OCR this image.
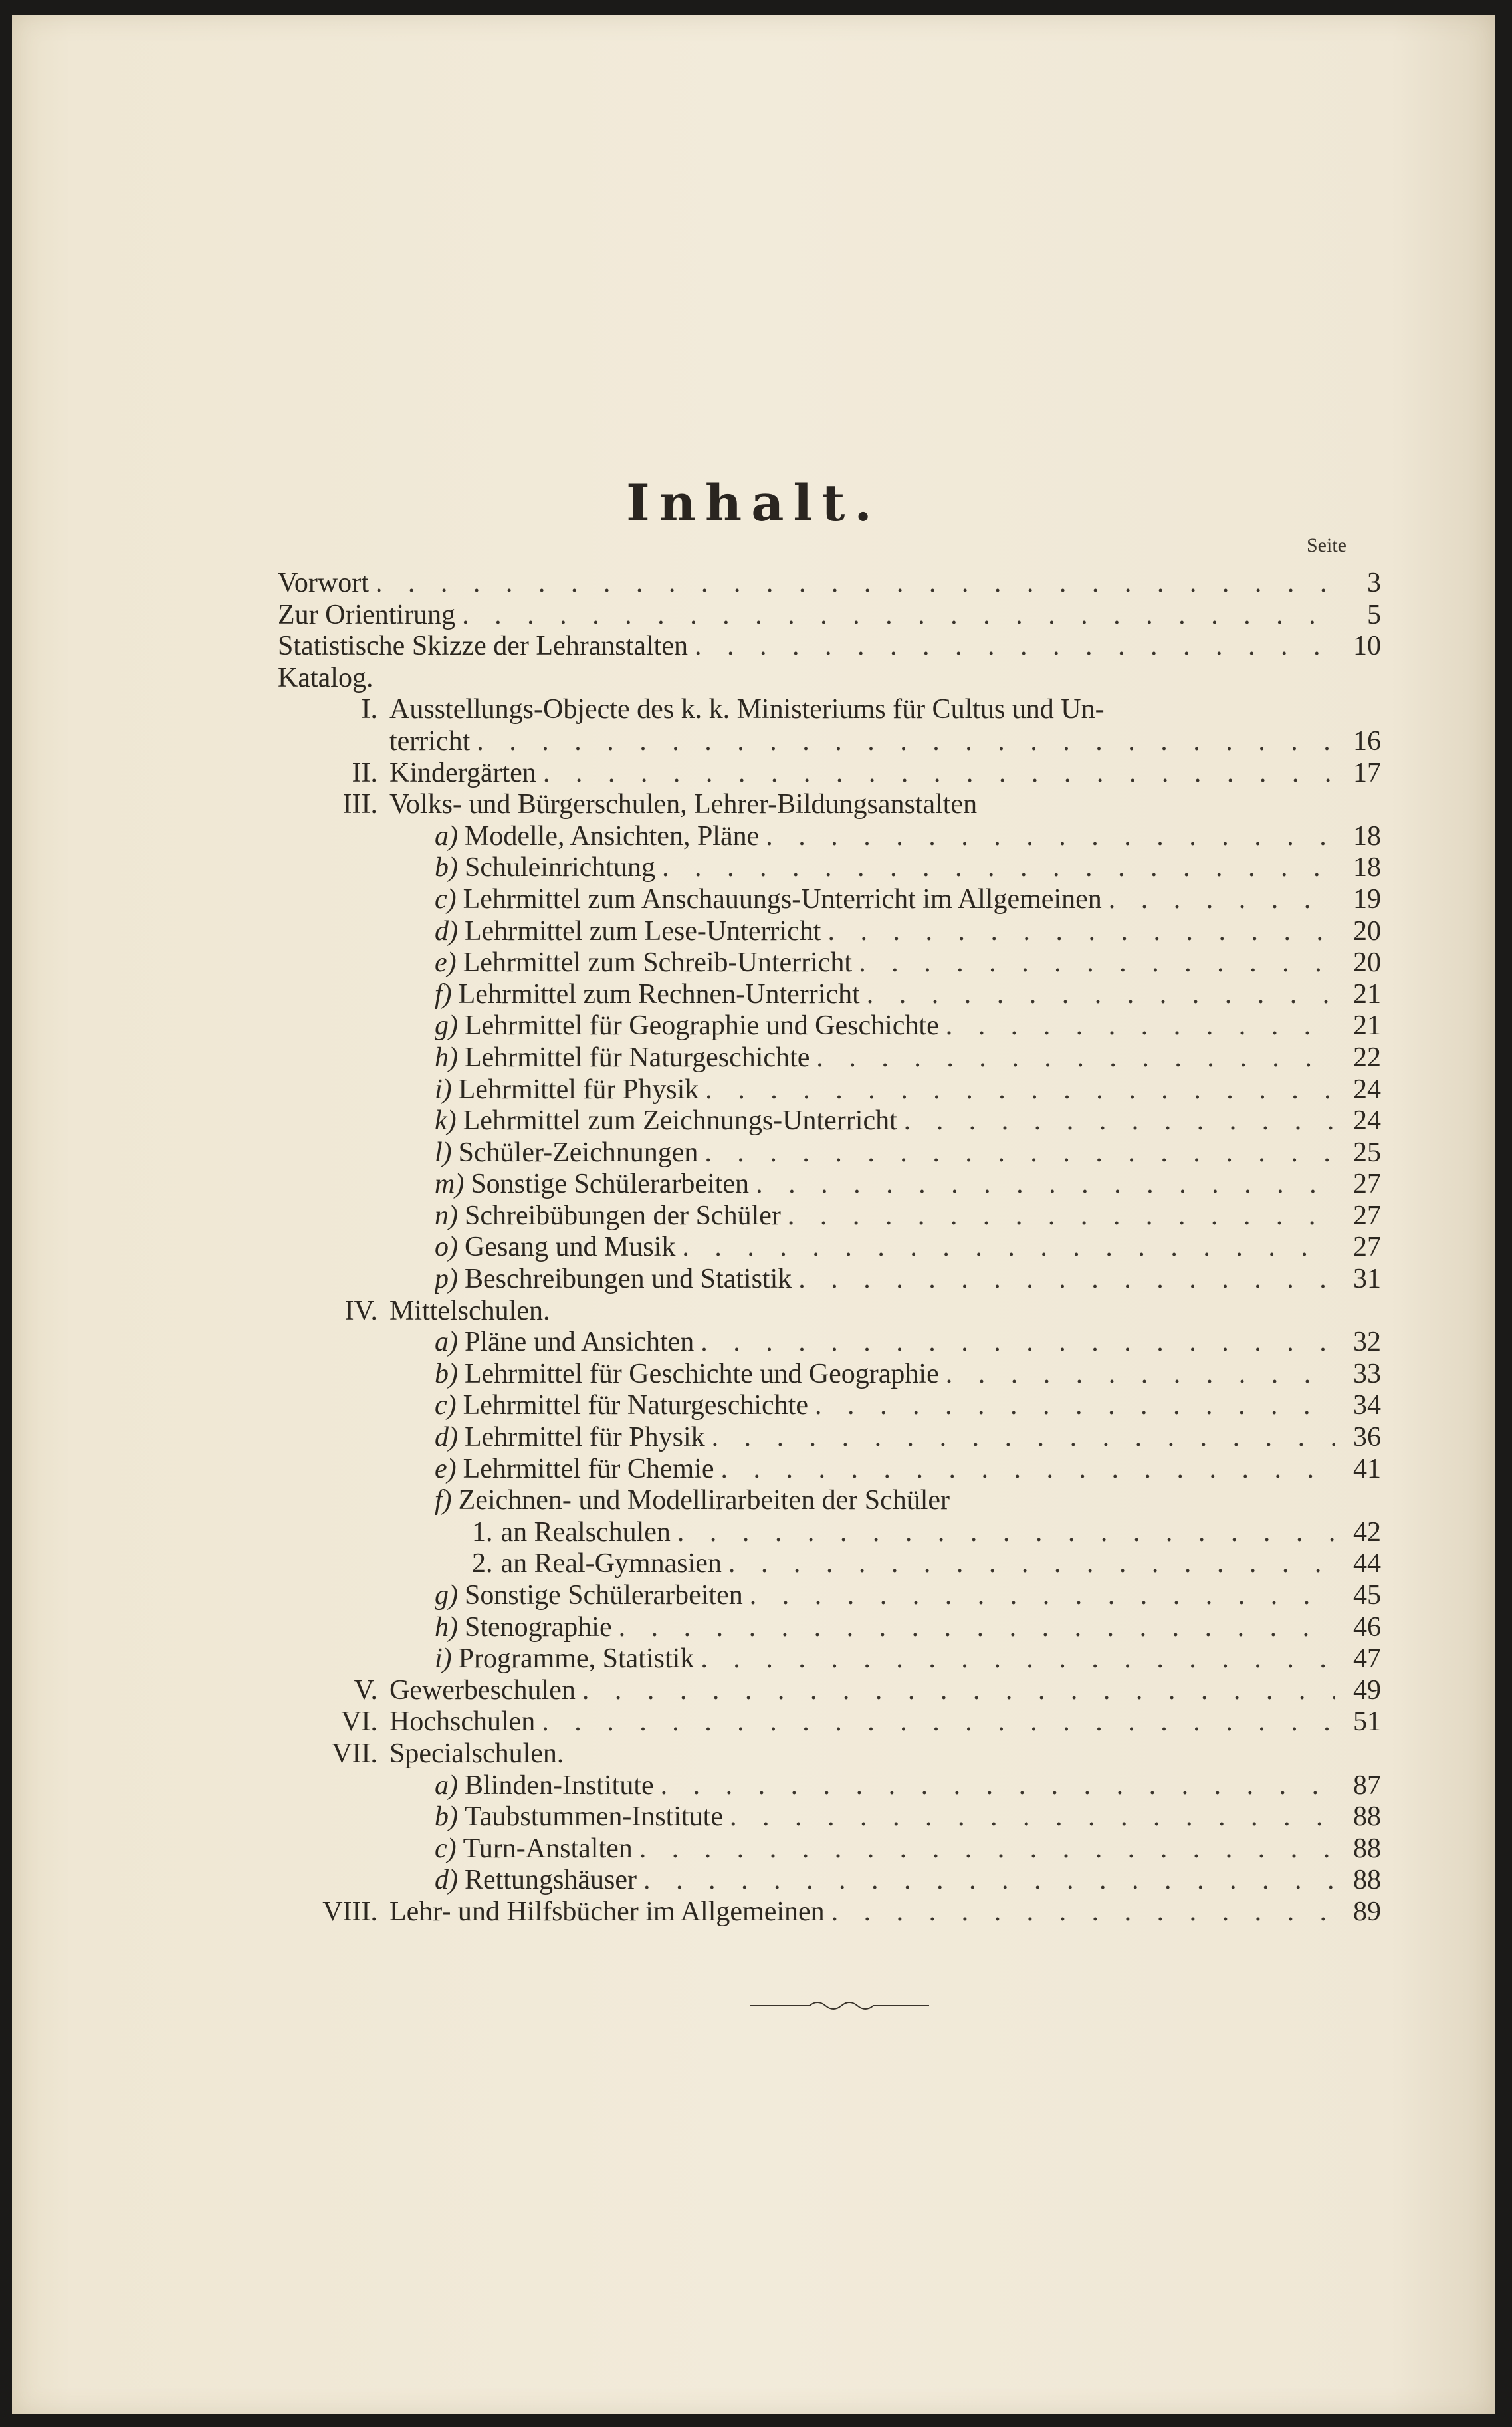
Inhalt.
Seite
Vorwort . . .	3
Zur Orientirung . . .	5
Statistische Skizze der Lehranstalten . . .	10
Katalog.
I. Ausstellungs-Objecte des k. k. Ministeriums für Cultus und Un-
terricht . . .	16
II. Kindergärten . . .	17
III. Volks- und Bürgerschulen, Lehrer-Bildungsanstalten
a) Modelle, Ansichten, Pläne . . .	18
b) Schuleinrichtung . . .	18
c) Lehrmittel zum Anschauungs-Unterricht im Allgemeinen . . .	19
d) Lehrmittel zum Lese-Unterricht . . .	20
e) Lehrmittel zum Schreib-Unterricht . . .	20
f) Lehrmittel zum Rechnen-Unterricht . . .	21
g) Lehrmittel für Geographie und Geschichte . . .	21
h) Lehrmittel für Naturgeschichte . . .	22
i) Lehrmittel für Physik . . .	24
k) Lehrmittel zum Zeichnungs-Unterricht . . .	24
l) Schüler-Zeichnungen . . .	25
m) Sonstige Schülerarbeiten . . .	27
n) Schreibübungen der Schüler . . .	27
o) Gesang und Musik . . .	27
p) Beschreibungen und Statistik . . .	31
IV. Mittelschulen.
a) Pläne und Ansichten . . .	32
b) Lehrmittel für Geschichte und Geographie . . .	33
c) Lehrmittel für Naturgeschichte . . .	34
d) Lehrmittel für Physik . . .	36
e) Lehrmittel für Chemie . . .	41
f) Zeichnen- und Modellirarbeiten der Schüler
1. an Realschulen . . .	42
2. an Real-Gymnasien . . .	44
g) Sonstige Schülerarbeiten . . .	45
h) Stenographie . . .	46
i) Programme, Statistik . . .	47
V. Gewerbeschulen . . .	49
VI. Hochschulen . . .	51
VII. Specialschulen.
a) Blinden-Institute . . .	87
b) Taubstummen-Institute . . .	88
c) Turn-Anstalten . . .	88
d) Rettungshäuser . . .	88
VIII. Lehr- und Hilfsbücher im Allgemeinen . . .	89
